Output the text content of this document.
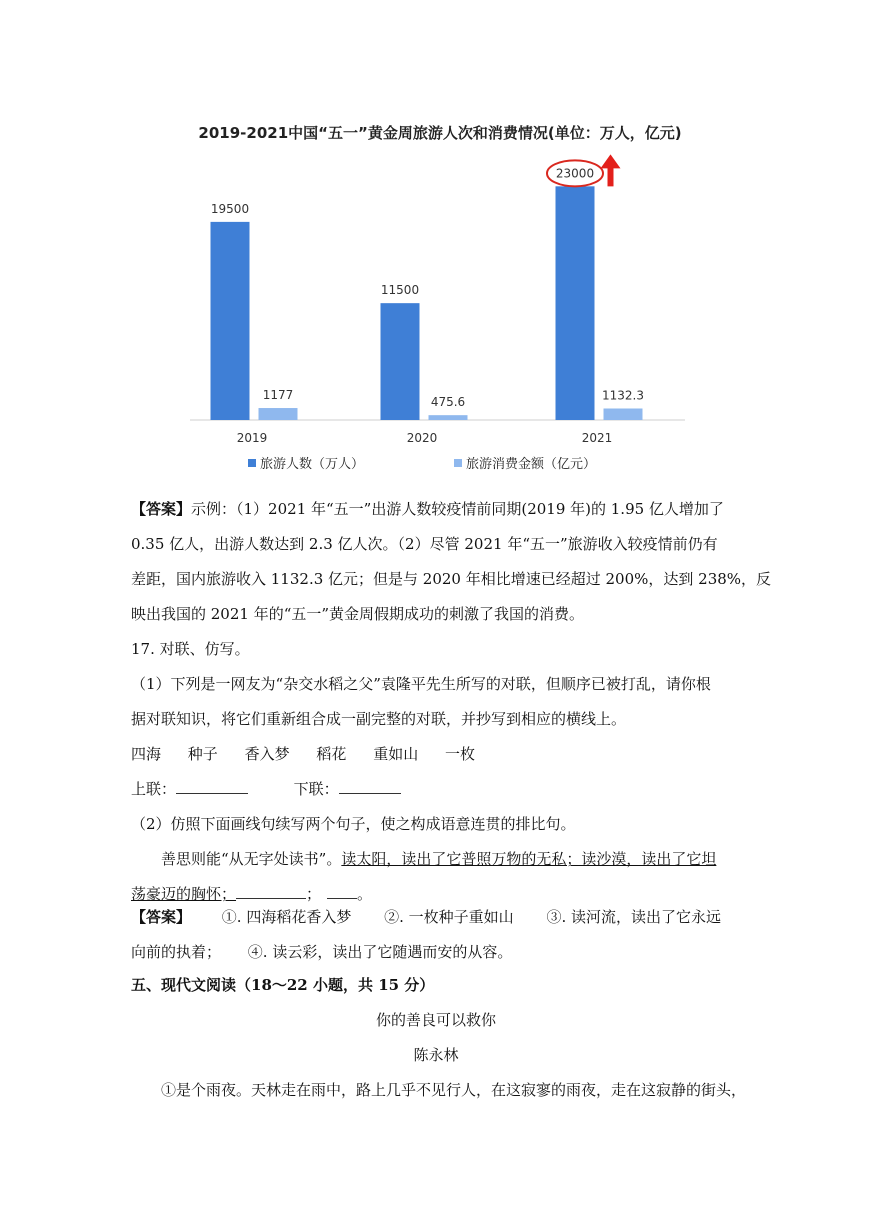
2019-2021中国“五一”黄金周旅游人次和消费情况(单位：万人，亿元)
19500
1177
2019
11500
475.6
2020
23000
1132.3
2021
旅游人数（万人）	旅游消费金额（亿元）

【答案】示例：（1）2021 年“五一”出游人数较疫情前同期(2019 年)的 1.95 亿人增加了

0.35 亿人，出游人数达到 2.3 亿人次。（2）尽管 2021 年“五一”旅游收入较疫情前仍有

差距，国内旅游收入 1132.3 亿元；但是与 2020 年相比增速已经超过 200%，达到 238%，反

映出我国的 2021 年的“五一”黄金周假期成功的刺激了我国的消费。

17. 对联、仿写。

（1）下列是一网友为“杂交水稻之父”袁隆平先生所写的对联，但顺序已被打乱，请你根

据对联知识，将它们重新组合成一副完整的对联，并抄写到相应的横线上。

四海 种子 香入梦 稻花 重如山 一枚

上联：	下联：

（2）仿照下面画线句续写两个句子，使之构成语意连贯的排比句。

善思则能“从无字处读书”。读太阳，读出了它普照万物的无私；读沙漠，读出了它坦

荡豪迈的胸怀；	； 。

【答案】 ①. 四海稻花香入梦 ②. 一枚种子重如山 ③. 读河流，读出了它永远

向前的执着； ④. 读云彩，读出了它随遇而安的从容。

五、现代文阅读（18～22 小题，共 15 分）

你的善良可以救你

陈永林

①是个雨夜。天林走在雨中，路上几乎不见行人，在这寂寥的雨夜，走在这寂静的街头，
